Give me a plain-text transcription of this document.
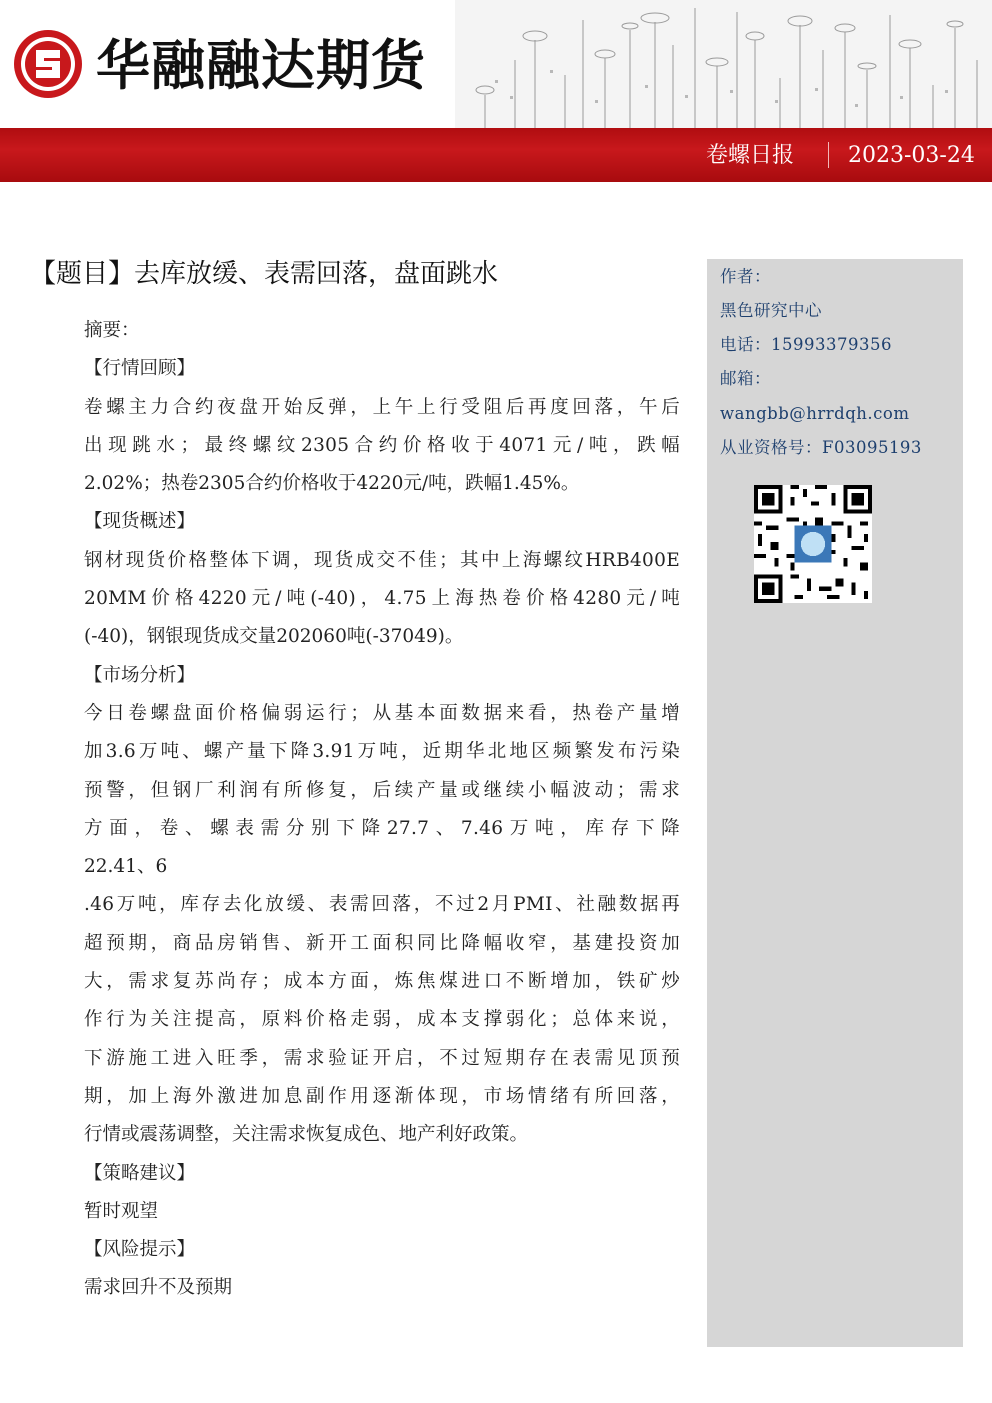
华融融达期货
卷螺日报 2023-03-24
【题目】去库放缓、表需回落，盘面跳水
摘要：
【行情回顾】
卷螺主力合约夜盘开始反弹，上午上行受阻后再度回落，午后
出现跳水；最终螺纹2305合约价格收于4071元/吨，跌幅
2.02%；热卷2305合约价格收于4220元/吨，跌幅1.45%。
【现货概述】
钢材现货价格整体下调，现货成交不佳；其中上海螺纹HRB400E
20MM价格4220元/吨(-40)，4.75上海热卷价格4280元/吨
(-40)，钢银现货成交量202060吨(-37049)。
【市场分析】
今日卷螺盘面价格偏弱运行；从基本面数据来看，热卷产量增
加3.6万吨、螺产量下降3.91万吨，近期华北地区频繁发布污染
预警，但钢厂利润有所修复，后续产量或继续小幅波动；需求
方面，卷、螺表需分别下降27.7、7.46万吨，库存下降
22.41、6
.46万吨，库存去化放缓、表需回落，不过2月PMI、社融数据再
超预期，商品房销售、新开工面积同比降幅收窄，基建投资加
大，需求复苏尚存；成本方面，炼焦煤进口不断增加，铁矿炒
作行为关注提高，原料价格走弱，成本支撑弱化；总体来说，
下游施工进入旺季，需求验证开启，不过短期存在表需见顶预
期，加上海外激进加息副作用逐渐体现，市场情绪有所回落，
行情或震荡调整，关注需求恢复成色、地产利好政策。
【策略建议】
暂时观望
【风险提示】
需求回升不及预期
作者：
黑色研究中心
电话：15993379356
邮箱：
wangbb@hrrdqh.com
从业资格号：F03095193
